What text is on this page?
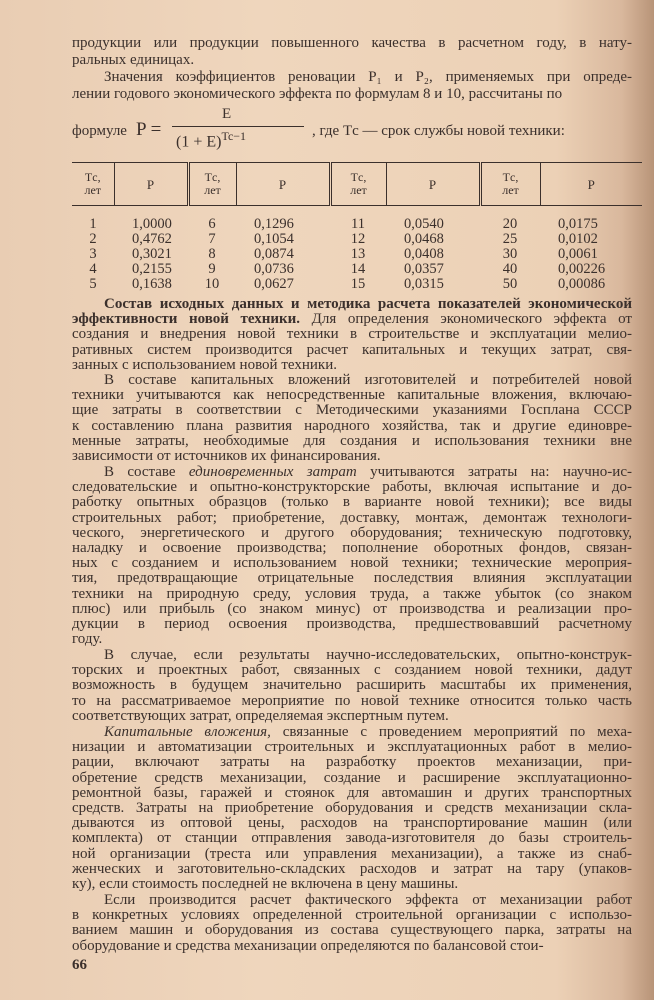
продукции или продукции повышенного качества в расчетном году, в нату-
ральных единицах.
Значения коэффициентов реновации P₁ и P₂, применяемых при опреде-
лении годового экономического эффекта по формулам 8 и 10, рассчитаны по
формуле P =
E
$(1 + E)^{Tc-1}$	, где Tс — срок службы новой техники:
Tс,
лет	P	Tс,
лет	P	Tс,
лет	P	Tс,
лет	P
1	1,0000	6	0,1296	11	0,0540	20	0,0175
2	0,4762	7	0,1054	12	0,0468	25	0,0102
3	0,3021	8	0,0874	13	0,0408	30	0,0061
4	0,2155	9	0,0736	14	0,0357	40	0,00226
5	0,1638	10	0,0627	15	0,0315	50	0,00086
Состав исходных данных и методика расчета показателей экономической
эффективности новой техники. Для определения экономического эффекта от
создания и внедрения новой техники в строительстве и эксплуатации мелио-
ративных систем производится расчет капитальных и текущих затрат, свя-
занных с использованием новой техники.
В составе капитальных вложений изготовителей и потребителей новой
техники учитываются как непосредственные капитальные вложения, включаю-
щие затраты в соответствии с Методическими указаниями Госплана СССР
к составлению плана развития народного хозяйства, так и другие единовре-
менные затраты, необходимые для создания и использования техники вне
зависимости от источников их финансирования.
В составе единовременных затрат учитываются затраты на: научно-ис-
следовательские и опытно-конструкторские работы, включая испытание и до-
работку опытных образцов (только в варианте новой техники); все виды
строительных работ; приобретение, доставку, монтаж, демонтаж технологи-
ческого, энергетического и другого оборудования; техническую подготовку,
наладку и освоение производства; пополнение оборотных фондов, связан-
ных с созданием и использованием новой техники; технические мероприя-
тия, предотвращающие отрицательные последствия влияния эксплуатации
техники на природную среду, условия труда, а также убыток (со знаком
плюс) или прибыль (со знаком минус) от производства и реализации про-
дукции в период освоения производства, предшествовавший расчетному
году.
В случае, если результаты научно-исследовательских, опытно-конструк-
торских и проектных работ, связанных с созданием новой техники, дадут
возможность в будущем значительно расширить масштабы их применения,
то на рассматриваемое мероприятие по новой технике относится только часть
соответствующих затрат, определяемая экспертным путем.
Капитальные вложения, связанные с проведением мероприятий по меха-
низации и автоматизации строительных и эксплуатационных работ в мелио-
рации, включают затраты на разработку проектов механизации, при-
обретение средств механизации, создание и расширение эксплуатационно-
ремонтной базы, гаражей и стоянок для автомашин и других транспортных
средств. Затраты на приобретение оборудования и средств механизации скла-
дываются из оптовой цены, расходов на транспортирование машин (или
комплекта) от станции отправления завода-изготовителя до базы строитель-
ной организации (треста или управления механизации), а также из снаб-
женческих и заготовительно-складских расходов и затрат на тару (упаков-
ку), если стоимость последней не включена в цену машины.
Если производится расчет фактического эффекта от механизации работ
в конкретных условиях определенной строительной организации с использо-
ванием машин и оборудования из состава существующего парка, затраты на
оборудование и средства механизации определяются по балансовой стои-
66
